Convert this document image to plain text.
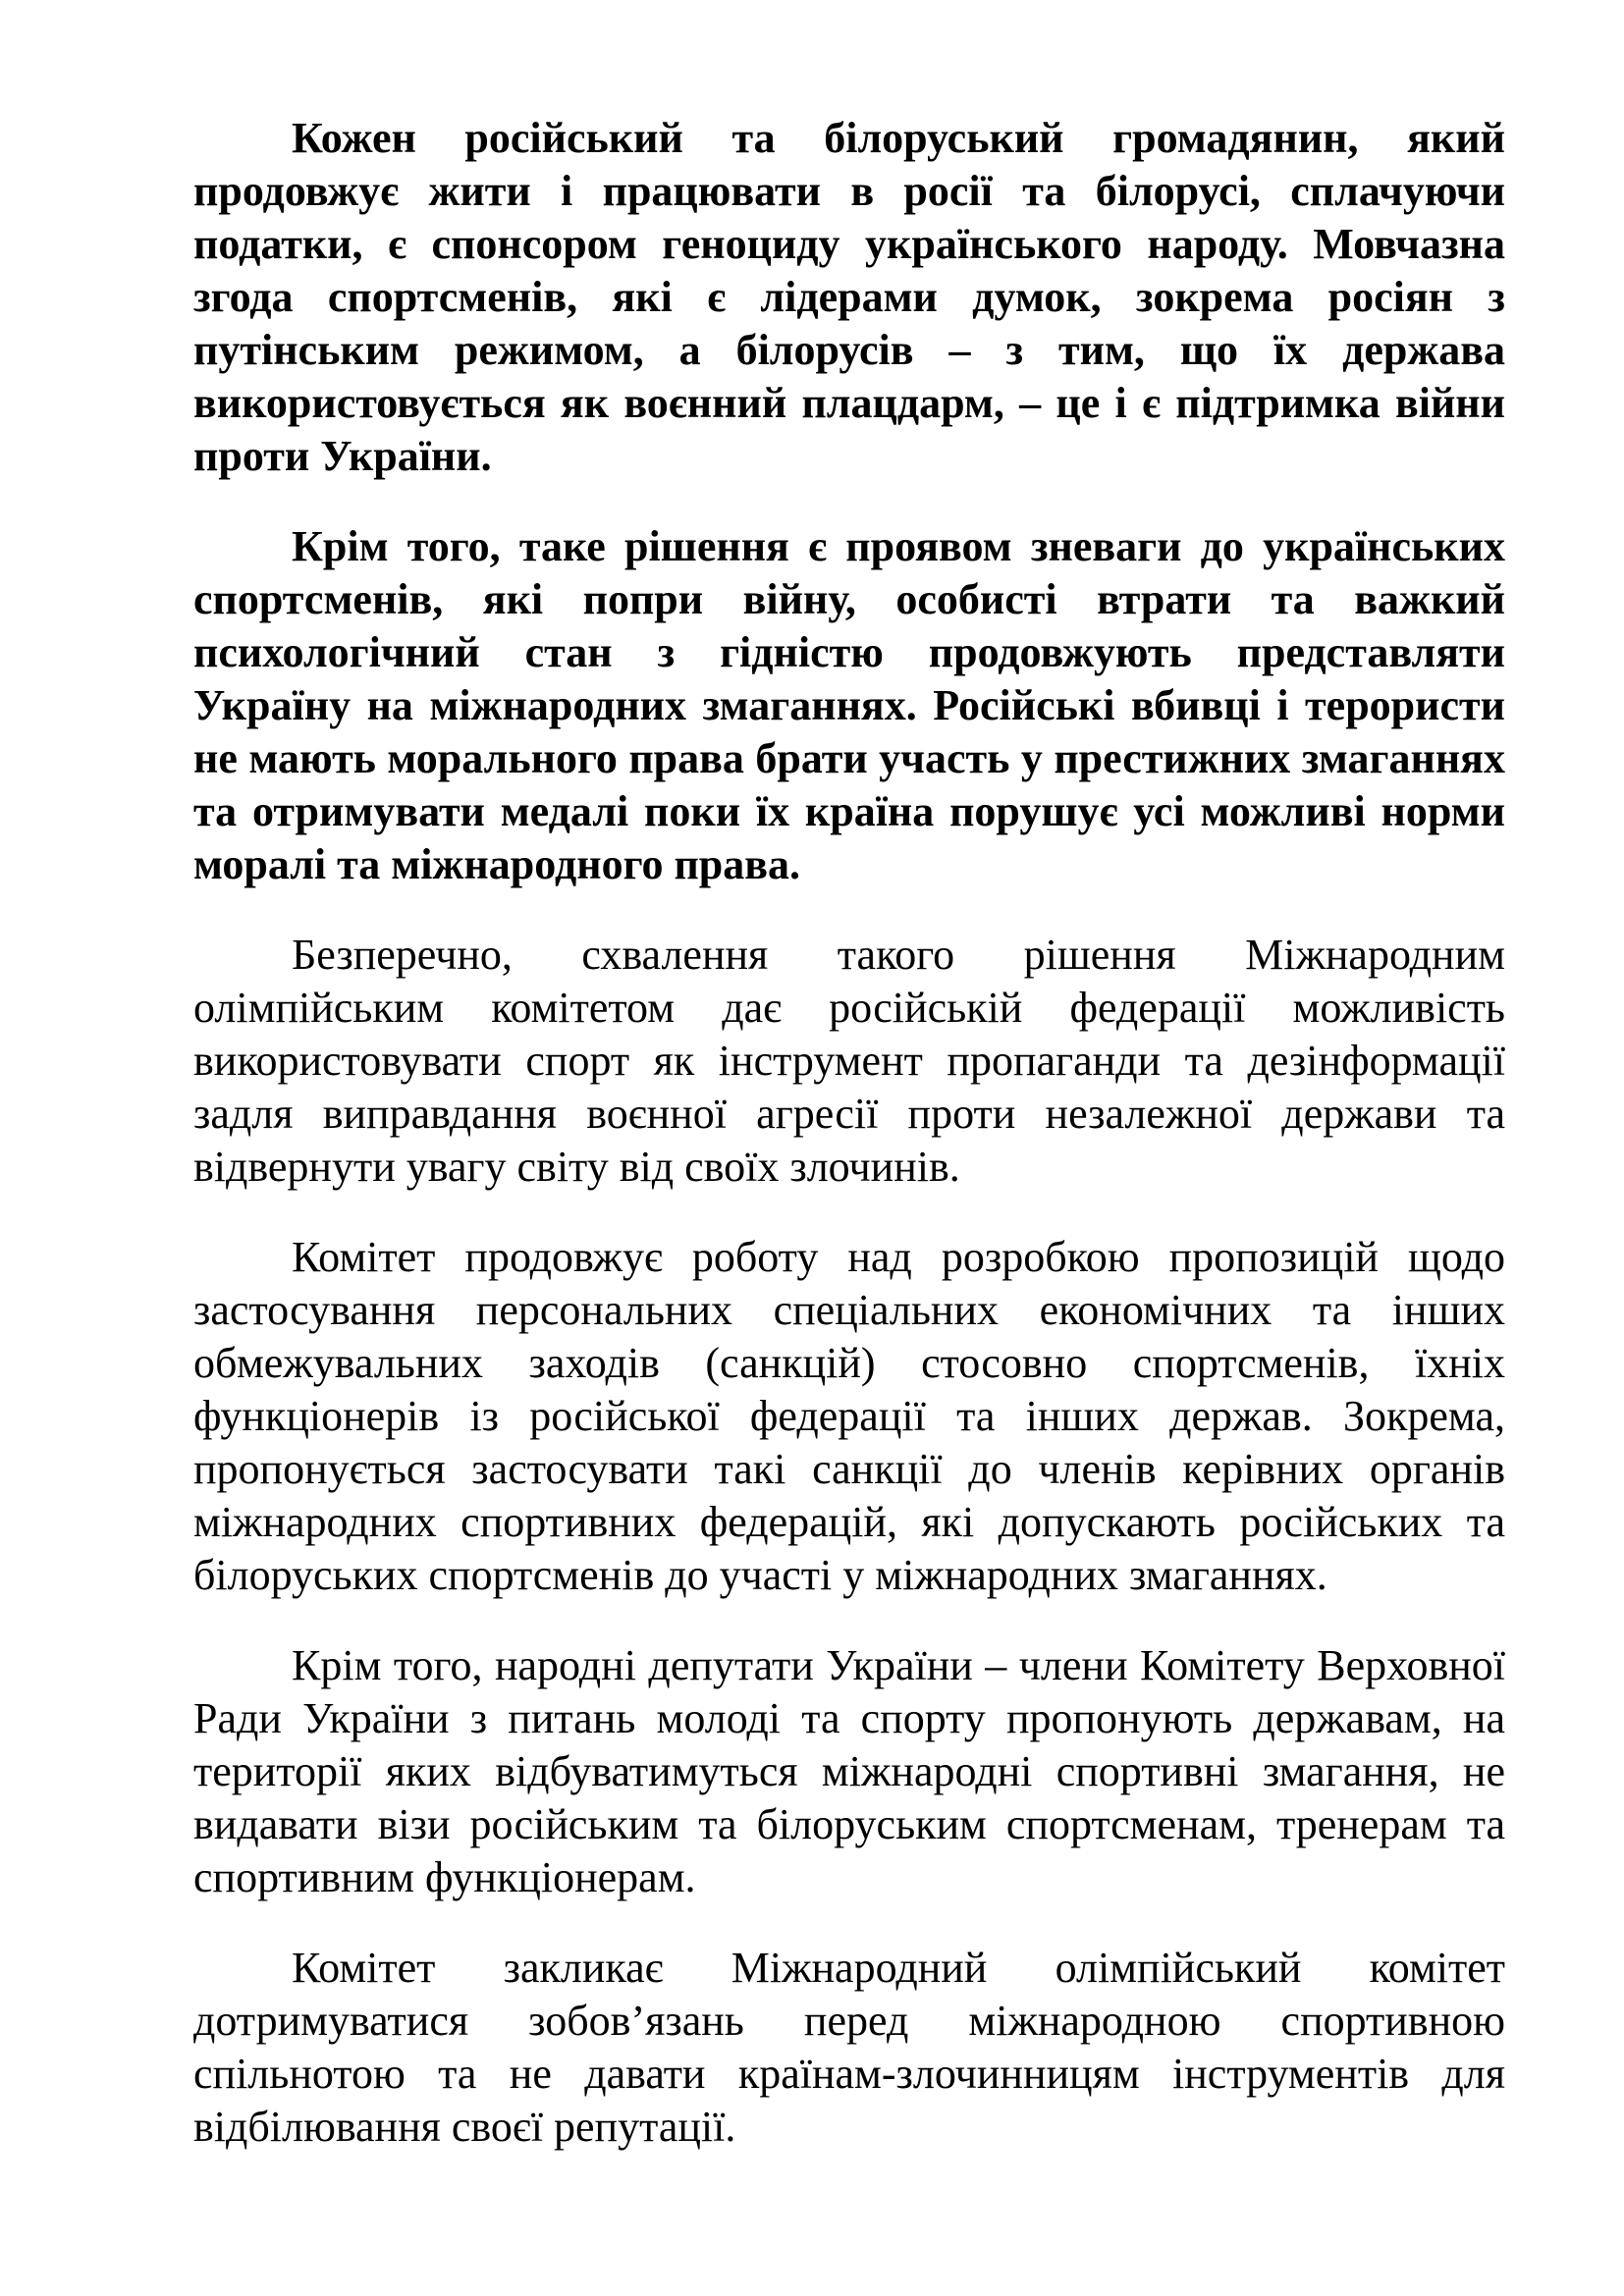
Кожен російський та білоруський громадянин, який
продовжує жити і працювати в росії та білорусі, сплачуючи
податки, є спонсором геноциду українського народу. Мовчазна
згода спортсменів, які є лідерами думок, зокрема росіян з
путінським режимом, а білорусів – з тим, що їх держава
використовується як воєнний плацдарм, – це і є підтримка війни
проти України.
Крім того, таке рішення є проявом зневаги до українських
спортсменів, які попри війну, особисті втрати та важкий
психологічний стан з гідністю продовжують представляти
Україну на міжнародних змаганнях. Російські вбивці і терористи
не мають морального права брати участь у престижних змаганнях
та отримувати медалі поки їх країна порушує усі можливі норми
моралі та міжнародного права.
Безперечно, схвалення такого рішення Міжнародним
олімпійським комітетом дає російській федерації можливість
використовувати спорт як інструмент пропаганди та дезінформації
задля виправдання воєнної агресії проти незалежної держави та
відвернути увагу світу від своїх злочинів.
Комітет продовжує роботу над розробкою пропозицій щодо
застосування персональних спеціальних економічних та інших
обмежувальних заходів (санкцій) стосовно спортсменів, їхніх
функціонерів із російської федерації та інших держав. Зокрема,
пропонується застосувати такі санкції до членів керівних органів
міжнародних спортивних федерацій, які допускають російських та
білоруських спортсменів до участі у міжнародних змаганнях.
Крім того, народні депутати України – члени Комітету Верховної
Ради України з питань молоді та спорту пропонують державам, на
території яких відбуватимуться міжнародні спортивні змагання, не
видавати візи російським та білоруським спортсменам, тренерам та
спортивним функціонерам.
Комітет закликає Міжнародний олімпійський комітет
дотримуватися зобов’язань перед міжнародною спортивною
спільнотою та не давати країнам-злочинницям інструментів для
відбілювання своєї репутації.
